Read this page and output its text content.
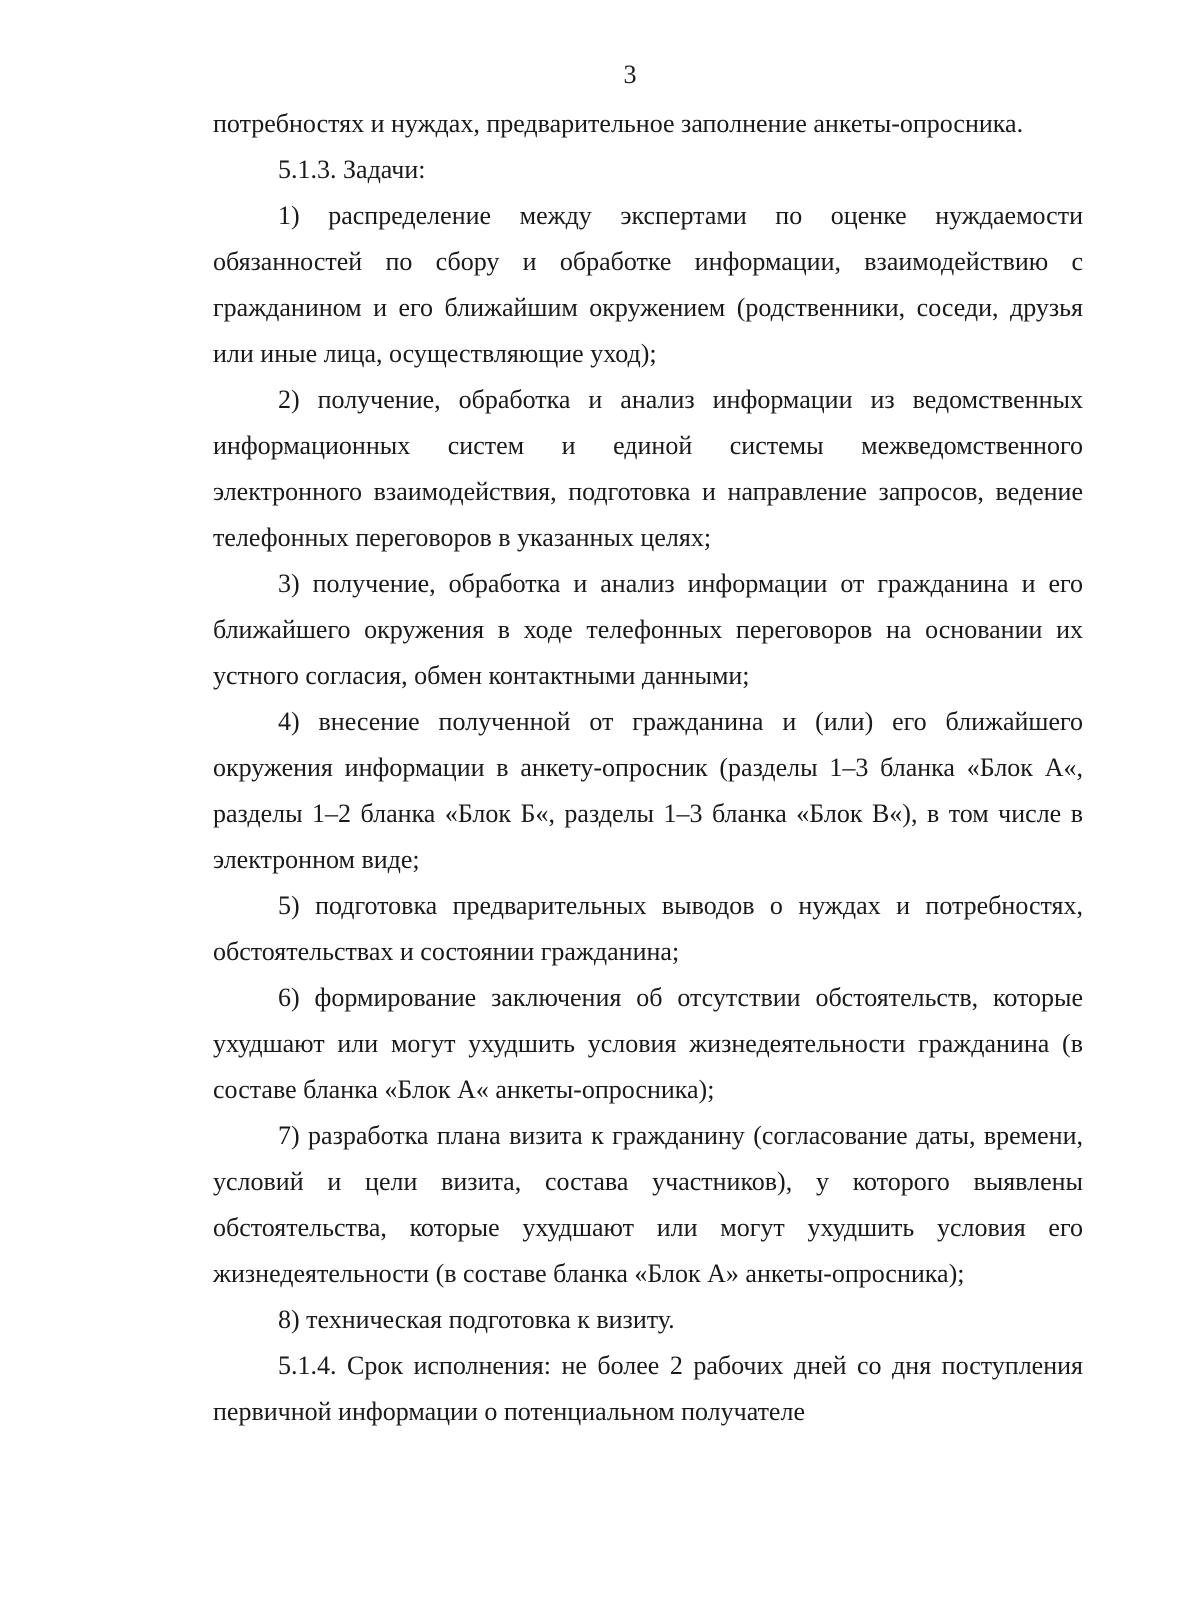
3

потребностях и нуждах, предварительное заполнение анкеты-опросника.

5.1.3. Задачи:

1) распределение между экспертами по оценке нуждаемости обязанностей по сбору и обработке информации, взаимодействию с гражданином и его ближайшим окружением (родственники, соседи, друзья или иные лица, осуществляющие уход);

2) получение, обработка и анализ информации из ведомственных информационных систем и единой системы межведомственного электронного взаимодействия, подготовка и направление запросов, ведение телефонных переговоров в указанных целях;

3) получение, обработка и анализ информации от гражданина и его ближайшего окружения в ходе телефонных переговоров на основании их устного согласия, обмен контактными данными;

4) внесение полученной от гражданина и (или) его ближайшего окружения информации в анкету-опросник (разделы 1–3 бланка «Блок А«, разделы 1–2 бланка «Блок Б«, разделы 1–3 бланка «Блок В«), в том числе в электронном виде;

5) подготовка предварительных выводов о нуждах и потребностях, обстоятельствах и состоянии гражданина;

6) формирование заключения об отсутствии обстоятельств, которые ухудшают или могут ухудшить условия жизнедеятельности гражданина (в составе бланка «Блок А« анкеты-опросника);

7) разработка плана визита к гражданину (согласование даты, времени, условий и цели визита, состава участников), у которого выявлены обстоятельства, которые ухудшают или могут ухудшить условия его жизнедеятельности (в составе бланка «Блок А» анкеты-опросника);

8) техническая подготовка к визиту.

5.1.4. Срок исполнения: не более 2 рабочих дней со дня поступления первичной информации о потенциальном получателе
